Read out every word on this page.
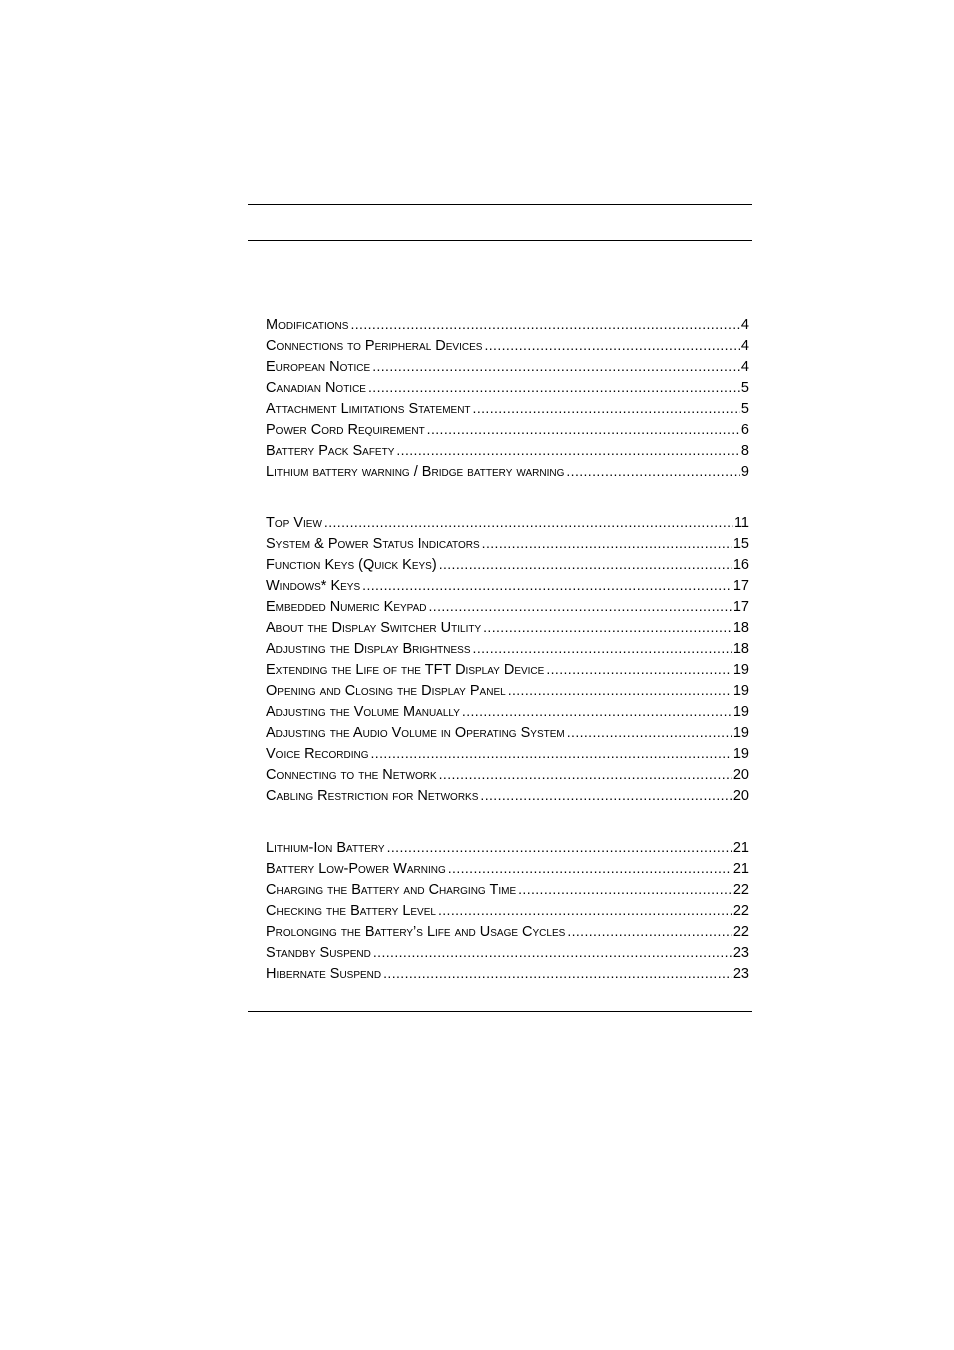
Modifications .....	4
Connections to Peripheral Devices .....	4
European Notice .....	4
Canadian Notice .....	5
Attachment Limitations Statement .....	5
Power Cord Requirement .....	6
Battery Pack Safety .....	8
Lithium battery warning / Bridge battery warning .....	9
Top View .....	11
System & Power Status Indicators .....	15
Function Keys (Quick Keys) .....	16
Windows* Keys .....	17
Embedded Numeric Keypad .....	17
About the Display Switcher Utility .....	18
Adjusting the Display Brightness .....	18
Extending the Life of the TFT Display Device .....	19
Opening and Closing the Display Panel .....	19
Adjusting the Volume Manually .....	19
Adjusting the Audio Volume in Operating System .....	19
Voice Recording .....	19
Connecting to the Network .....	20
Cabling Restriction for Networks .....	20
Lithium-Ion Battery .....	21
Battery Low-Power Warning .....	21
Charging the Battery and Charging Time .....	22
Checking the Battery Level .....	22
Prolonging the Battery’s Life and Usage Cycles .....	22
Standby Suspend .....	23
Hibernate Suspend .....	23
